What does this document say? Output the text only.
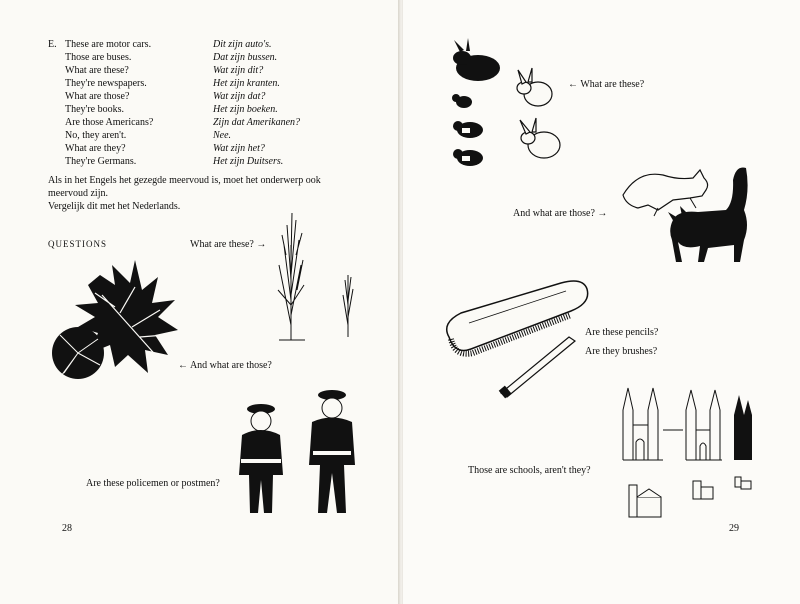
E. These are motor cars.	Dit zijn auto's.
Those are buses.	Dat zijn bussen.
What are these?	Wat zijn dit?
They're newspapers.	Het zijn kranten.
What are those?	Wat zijn dat?
They're books.	Het zijn boeken.
Are those Americans?	Zijn dat Amerikanen?
No, they aren't.	Nee.
What are they?	Wat zijn het?
They're Germans.	Het zijn Duitsers.
Als in het Engels het gezegde meervoud is, moet het onderwerp ook
meervoud zijn.
Vergelijk dit met het Nederlands.
QUESTIONS	What are these? →
← And what are those?
Are these policemen or postmen?
28
← What are these?
And what are those? →
Are these pencils?
Are they brushes?
Those are schools, aren't they?
29
